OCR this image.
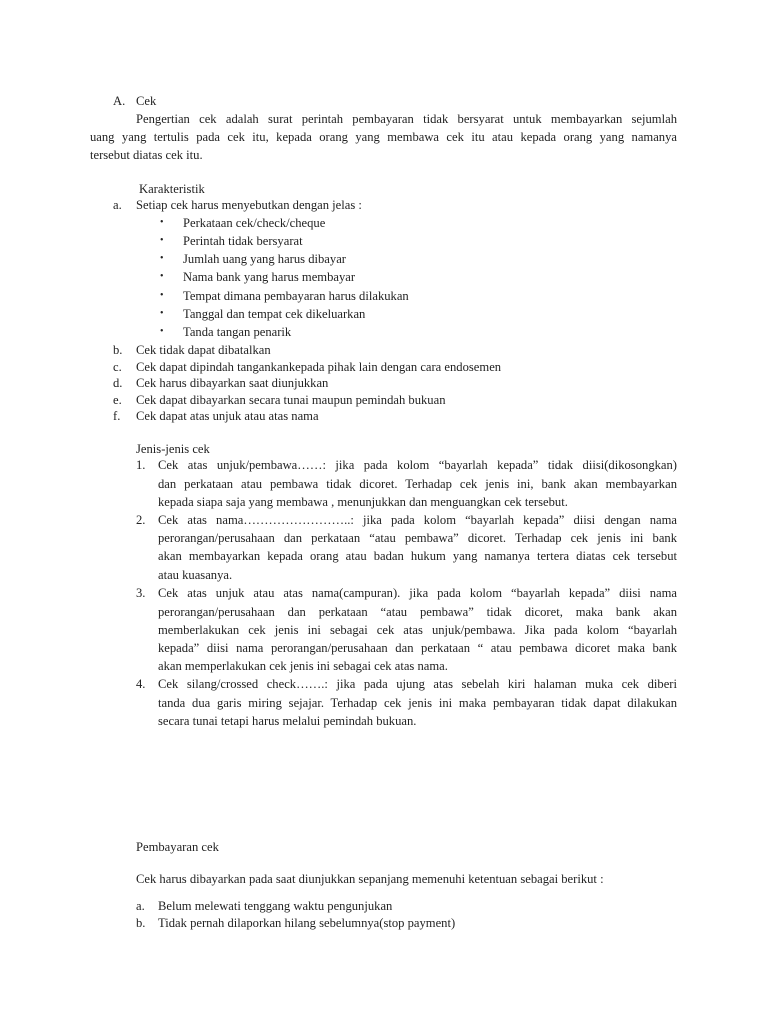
A. Cek
Pengertian cek adalah surat perintah pembayaran tidak bersyarat untuk membayarkan sejumlah
uang yang tertulis pada cek itu, kepada orang yang membawa cek itu atau kepada orang yang namanya
tersebut diatas cek itu.
Karakteristik
a. Setiap cek harus menyebutkan dengan jelas :
• Perkataan cek/check/cheque
• Perintah tidak bersyarat
• Jumlah uang yang harus dibayar
• Nama bank yang harus membayar
• Tempat dimana pembayaran harus dilakukan
• Tanggal dan tempat cek dikeluarkan
• Tanda tangan penarik
b. Cek tidak dapat dibatalkan
c. Cek dapat dipindah tangankankepada pihak lain dengan cara endosemen
d. Cek harus dibayarkan saat diunjukkan
e. Cek dapat dibayarkan secara tunai maupun pemindah bukuan
f. Cek dapat atas unjuk atau atas nama
Jenis-jenis cek
1. Cek atas unjuk/pembawa……: jika pada kolom “bayarlah kepada” tidak diisi(dikosongkan)
dan perkataan atau pembawa tidak dicoret. Terhadap cek jenis ini, bank akan membayarkan
kepada siapa saja yang membawa , menunjukkan dan menguangkan cek tersebut.
2. Cek atas nama……………………..: jika pada kolom “bayarlah kepada” diisi dengan nama
perorangan/perusahaan dan perkataan “atau pembawa” dicoret. Terhadap cek jenis ini bank
akan membayarkan kepada orang atau badan hukum yang namanya tertera diatas cek tersebut
atau kuasanya.
3. Cek atas unjuk atau atas nama(campuran). jika pada kolom “bayarlah kepada” diisi nama
perorangan/perusahaan dan perkataan “atau pembawa” tidak dicoret, maka bank akan
memberlakukan cek jenis ini sebagai cek atas unjuk/pembawa. Jika pada kolom “bayarlah
kepada” diisi nama perorangan/perusahaan dan perkataan “ atau pembawa dicoret maka bank
akan memperlakukan cek jenis ini sebagai cek atas nama.
4. Cek silang/crossed check…….: jika pada ujung atas sebelah kiri halaman muka cek diberi
tanda dua garis miring sejajar. Terhadap cek jenis ini maka pembayaran tidak dapat dilakukan
secara tunai tetapi harus melalui pemindah bukuan.
Pembayaran cek
Cek harus dibayarkan pada saat diunjukkan sepanjang memenuhi ketentuan sebagai berikut :
a. Belum melewati tenggang waktu pengunjukan
b. Tidak pernah dilaporkan hilang sebelumnya(stop payment)
